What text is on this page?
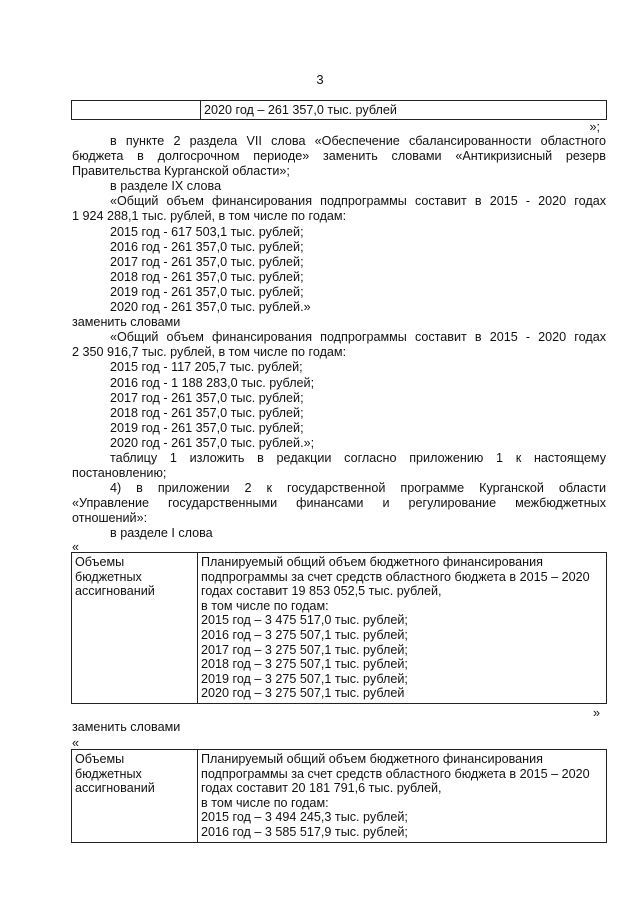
3
2020 год – 261 357,0 тыс. рублей
»;

в пункте 2 раздела VII слова «Обеспечение сбалансированности областного

бюджета в долгосрочном периоде» заменить словами «Антикризисный резерв

Правительства Курганской области»;

в разделе IX слова

«Общий объем финансирования подпрограммы составит в 2015 - 2020 годах

1 924 288,1 тыс. рублей, в том числе по годам:

2015 год - 617 503,1 тыс. рублей;

2016 год - 261 357,0 тыс. рублей;

2017 год - 261 357,0 тыс. рублей;

2018 год - 261 357,0 тыс. рублей;

2019 год - 261 357,0 тыс. рублей;

2020 год - 261 357,0 тыс. рублей.»

заменить словами

«Общий объем финансирования подпрограммы составит в 2015 - 2020 годах

2 350 916,7 тыс. рублей, в том числе по годам:

2015 год - 117 205,7 тыс. рублей;

2016 год - 1 188 283,0 тыс. рублей;

2017 год - 261 357,0 тыс. рублей;

2018 год - 261 357,0 тыс. рублей;

2019 год - 261 357,0 тыс. рублей;

2020 год - 261 357,0 тыс. рублей.»;

таблицу 1 изложить в редакции согласно приложению 1 к настоящему

постановлению;

4) в приложении 2 к государственной программе Курганской области

«Управление государственными финансами и регулирование межбюджетных

отношений»:

в разделе I слова

«
Объемы
бюджетных
ассигнований
Планируемый общий объем бюджетного финансирования
подпрограммы за счет средств областного бюджета в 2015 – 2020
годах составит 19 853 052,5 тыс. рублей,
в том числе по годам:
2015 год – 3 475 517,0 тыс. рублей;
2016 год – 3 275 507,1 тыс. рублей;
2017 год – 3 275 507,1 тыс. рублей;
2018 год – 3 275 507,1 тыс. рублей;
2019 год – 3 275 507,1 тыс. рублей;
2020 год – 3 275 507,1 тыс. рублей
»
заменить словами
«
Объемы
бюджетных
ассигнований
Планируемый общий объем бюджетного финансирования
подпрограммы за счет средств областного бюджета в 2015 – 2020
годах составит 20 181 791,6 тыс. рублей,
в том числе по годам:
2015 год – 3 494 245,3 тыс. рублей;
2016 год – 3 585 517,9 тыс. рублей;
